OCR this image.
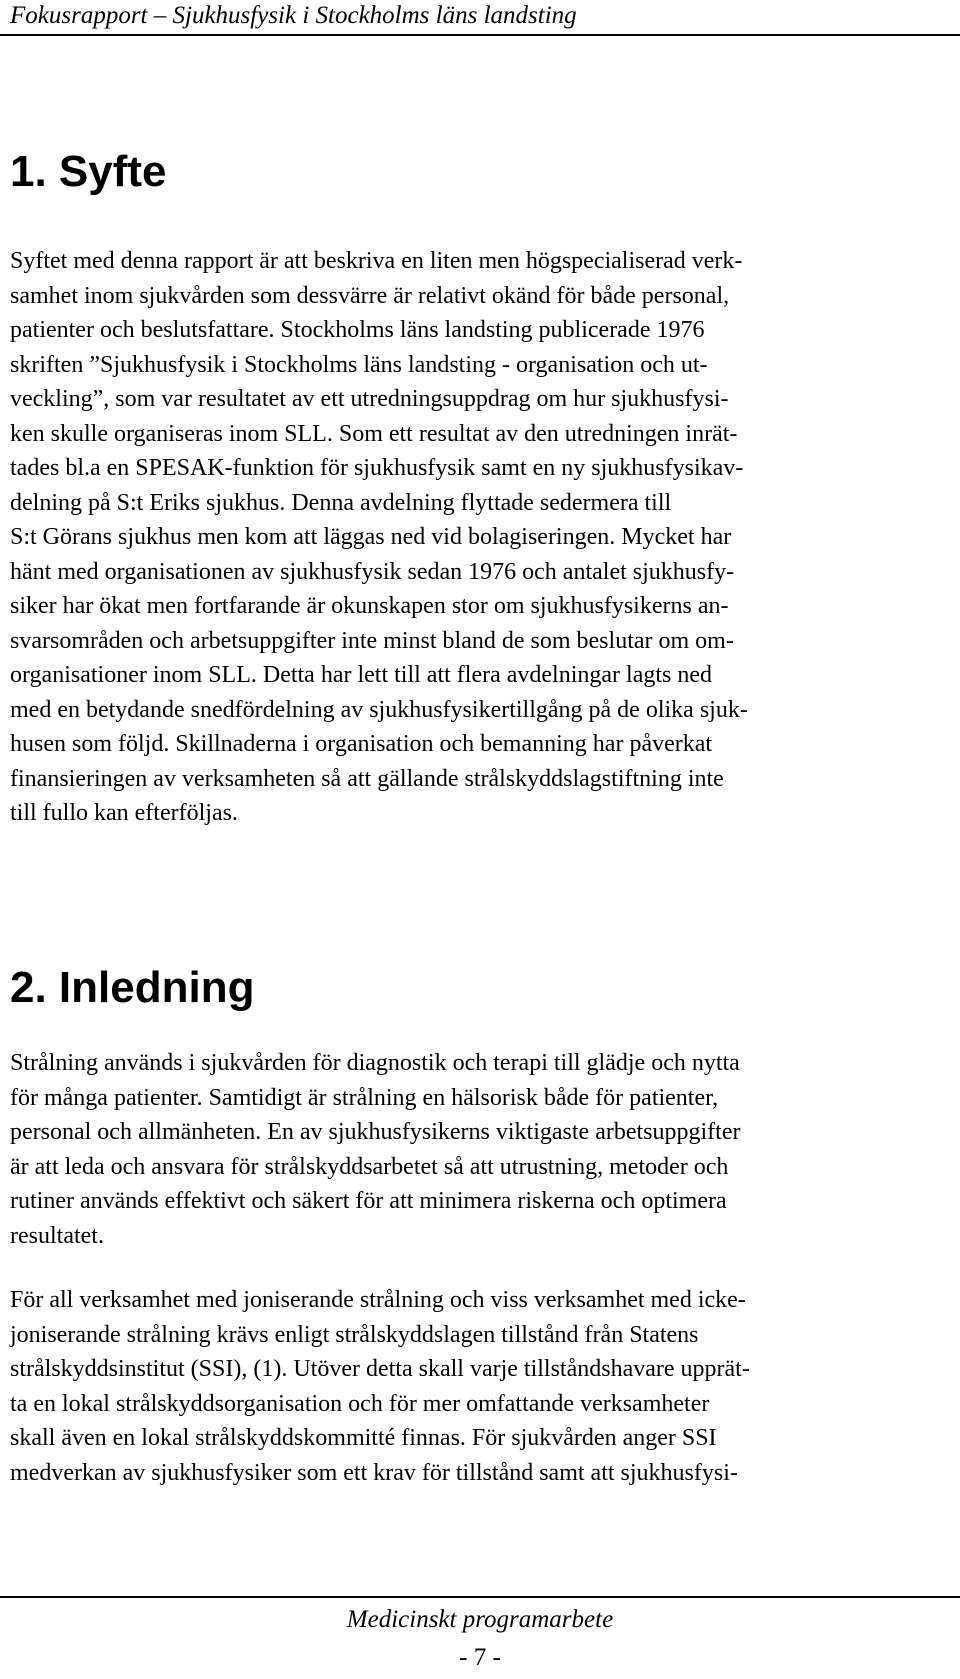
Fokusrapport – Sjukhusfysik i Stockholms läns landsting
1. Syfte
Syftet med denna rapport är att beskriva en liten men högspecialiserad verk-
samhet inom sjukvården som dessvärre är relativt okänd för både personal,
patienter och beslutsfattare. Stockholms läns landsting publicerade 1976
skriften ”Sjukhusfysik i Stockholms läns landsting - organisation och ut-
veckling”, som var resultatet av ett utredningsuppdrag om hur sjukhusfysi-
ken skulle organiseras inom SLL. Som ett resultat av den utredningen inrät-
tades bl.a en SPESAK-funktion för sjukhusfysik samt en ny sjukhusfysikav-
delning på S:t Eriks sjukhus. Denna avdelning flyttade sedermera till
S:t Görans sjukhus men kom att läggas ned vid bolagiseringen. Mycket har
hänt med organisationen av sjukhusfysik sedan 1976 och antalet sjukhusfy-
siker har ökat men fortfarande är okunskapen stor om sjukhusfysikerns an-
svarsområden och arbetsuppgifter inte minst bland de som beslutar om om-
organisationer inom SLL. Detta har lett till att flera avdelningar lagts ned
med en betydande snedfördelning av sjukhusfysikertillgång på de olika sjuk-
husen som följd. Skillnaderna i organisation och bemanning har påverkat
finansieringen av verksamheten så att gällande strålskyddslagstiftning inte
till fullo kan efterföljas.
2. Inledning
Strålning används i sjukvården för diagnostik och terapi till glädje och nytta
för många patienter. Samtidigt är strålning en hälsorisk både för patienter,
personal och allmänheten. En av sjukhusfysikerns viktigaste arbetsuppgifter
är att leda och ansvara för strålskyddsarbetet så att utrustning, metoder och
rutiner används effektivt och säkert för att minimera riskerna och optimera
resultatet.
För all verksamhet med joniserande strålning och viss verksamhet med icke-
joniserande strålning krävs enligt strålskyddslagen tillstånd från Statens
strålskyddsinstitut (SSI), (1). Utöver detta skall varje tillståndshavare upprät-
ta en lokal strålskyddsorganisation och för mer omfattande verksamheter
skall även en lokal strålskyddskommitté finnas. För sjukvården anger SSI
medverkan av sjukhusfysiker som ett krav för tillstånd samt att sjukhusfysi-
Medicinskt programarbete
- 7 -
